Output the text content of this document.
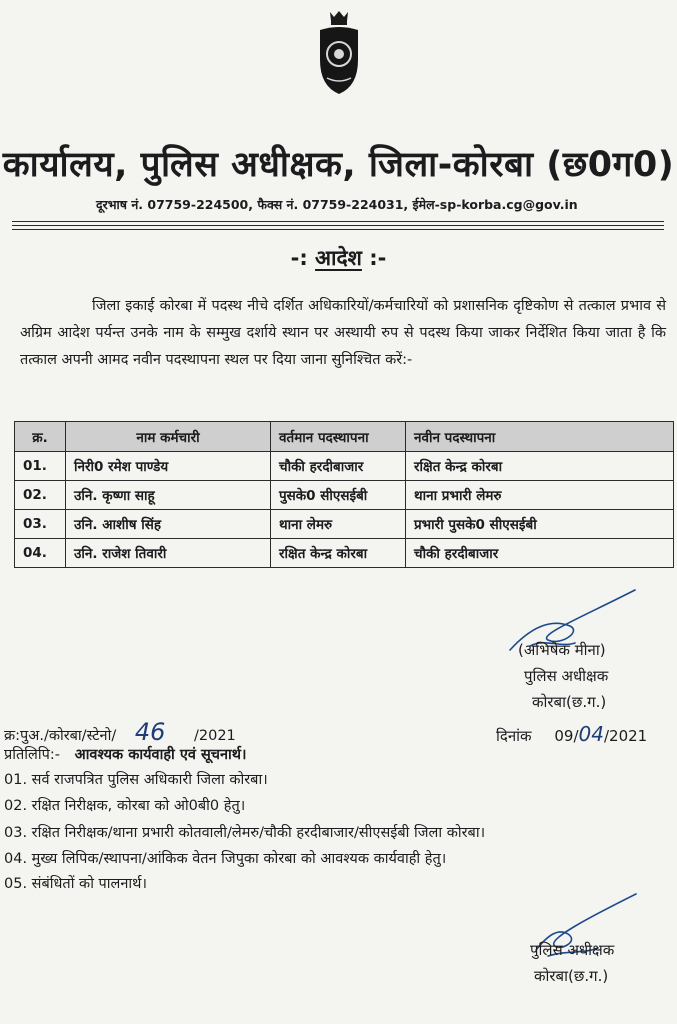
कार्यालय, पुलिस अधीक्षक, जिला-कोरबा (छ0ग0)
दूरभाष नं. 07759-224500, फैक्स नं. 07759-224031, ईमेल-sp-korba.cg@gov.in
-: आदेश :-
जिला इकाई कोरबा में पदस्थ नीचे दर्शित अधिकारियों/कर्मचारियों को प्रशासनिक दृष्टिकोण से तत्काल प्रभाव से अग्रिम आदेश पर्यन्त उनके नाम के सम्मुख दर्शाये स्थान पर अस्थायी रुप से पदस्थ किया जाकर निर्देशित किया जाता है कि तत्काल अपनी आमद नवीन पदस्थापना स्थल पर दिया जाना सुनिश्चित करें:-
क्र.	नाम कर्मचारी	वर्तमान पदस्थापना	नवीन पदस्थापना
01.	निरी0 रमेश पाण्डेय	चौकी हरदीबाजार	रक्षित केन्द्र कोरबा
02.	उनि. कृष्णा साहू	पुसके0 सीएसईबी	थाना प्रभारी लेमरु
03.	उनि. आशीष सिंह	थाना लेमरु	प्रभारी पुसके0 सीएसईबी
04.	उनि. राजेश तिवारी	रक्षित केन्द्र कोरबा	चौकी हरदीबाजार
(अभिषेक मीना)
पुलिस अधीक्षक
कोरबा(छ.ग.)
क्र:पुअ./कोरबा/स्टेनो/ 46 /2021	दिनांक 09/04/2021
प्रतिलिपि:- आवश्यक कार्यवाही एवं सूचनार्थ।
01. सर्व राजपत्रित पुलिस अधिकारी जिला कोरबा।
02. रक्षित निरीक्षक, कोरबा को ओ0बी0 हेतु।
03. रक्षित निरीक्षक/थाना प्रभारी कोतवाली/लेमरु/चौकी हरदीबाजार/सीएसईबी जिला कोरबा।
04. मुख्य लिपिक/स्थापना/आंकिक वेतन जिपुका कोरबा को आवश्यक कार्यवाही हेतु।
05. संबंधितों को पालनार्थ।
पुलिस अधीक्षक
कोरबा(छ.ग.)
